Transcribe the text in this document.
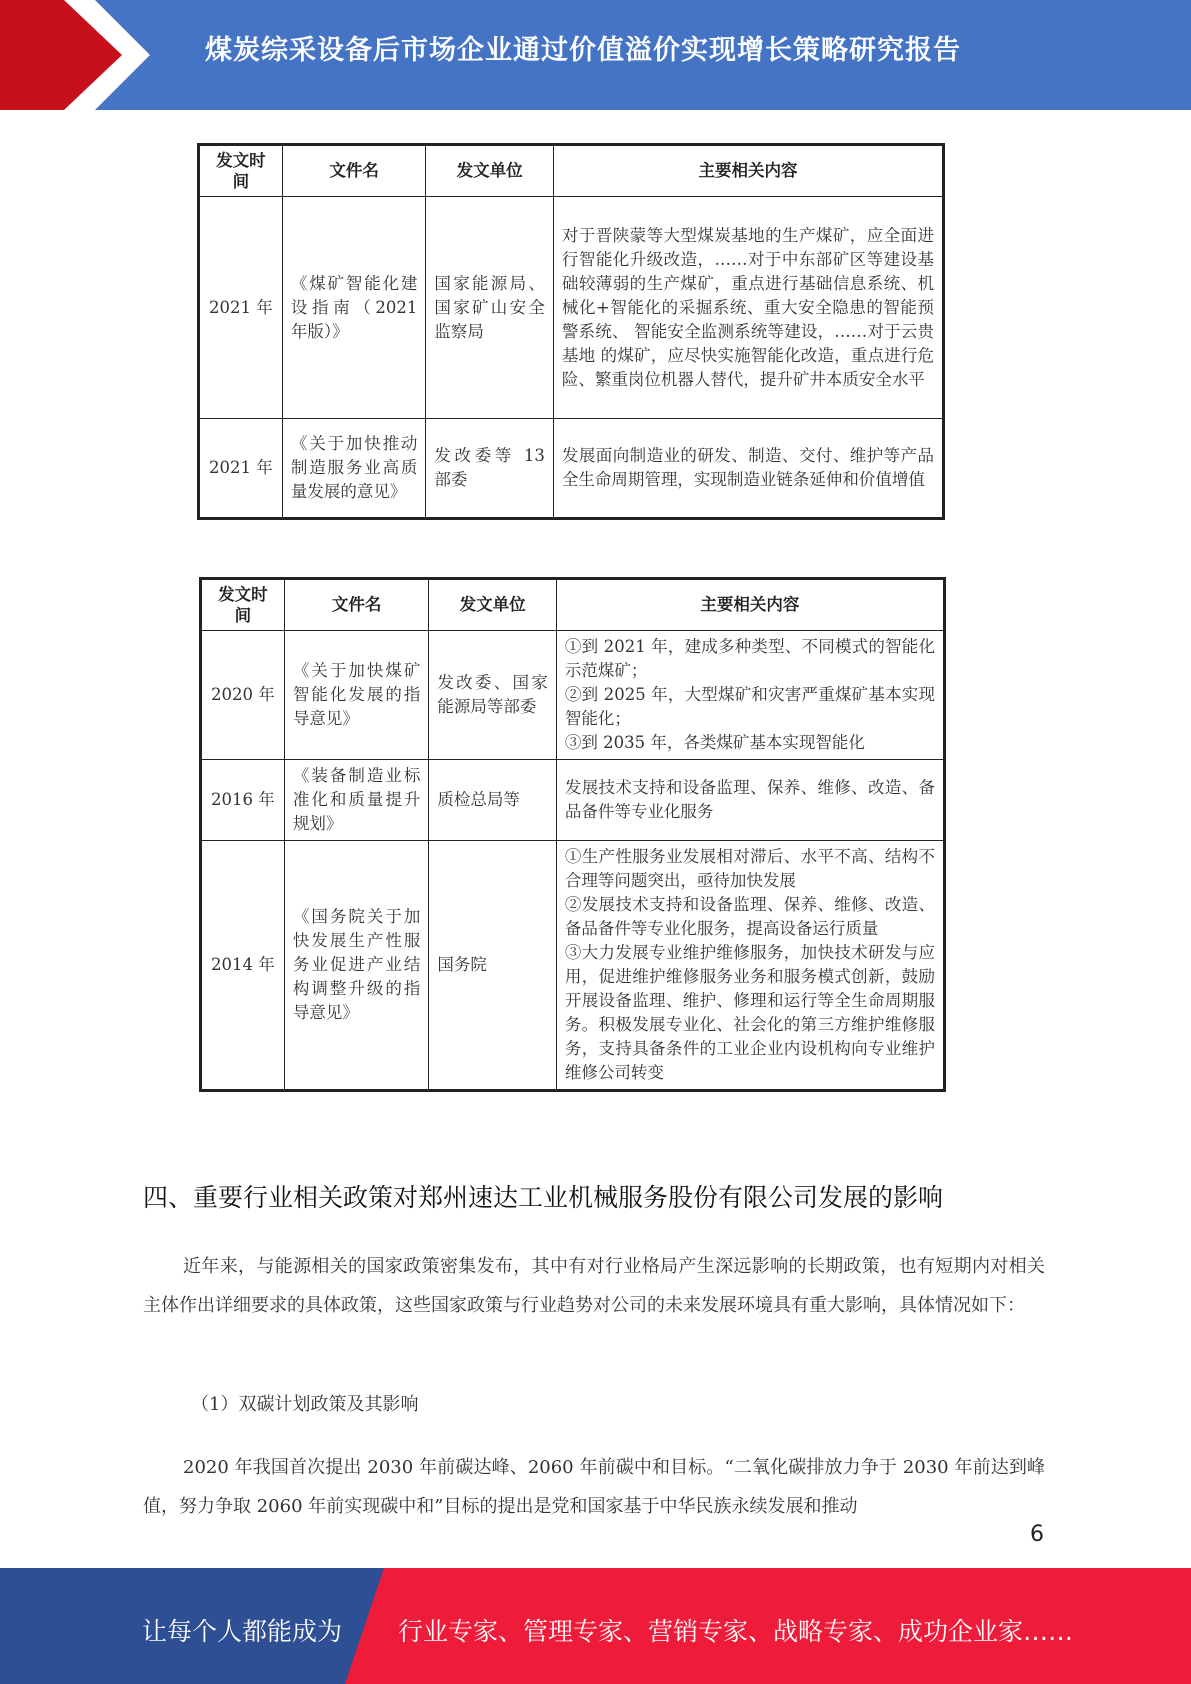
煤炭综采设备后市场企业通过价值溢价实现增长策略研究报告
发文时间	文件名	发文单位	主要相关内容
2021 年	《煤矿智能化建设指南（2021 年版）》	国家能源局、国家矿山安全监察局	对于晋陕蒙等大型煤炭基地的生产煤矿，应全面进行智能化升级改造，……对于中东部矿区等建设基础较薄弱的生产煤矿，重点进行基础信息系统、机械化+智能化的采掘系统、重大安全隐患的智能预警系统、 智能安全监测系统等建设，……对于云贵基地 的煤矿，应尽快实施智能化改造，重点进行危险、繁重岗位机器人替代，提升矿井本质安全水平
2021 年	《关于加快推动制造服务业高质量发展的意见》	发改委等 13 部委	发展面向制造业的研发、制造、交付、维护等产品全生命周期管理，实现制造业链条延伸和价值增值
发文时间	文件名	发文单位	主要相关内容
2020 年	《关于加快煤矿智能化发展的指导意见》	发改委、国家能源局等部委	①到 2021 年，建成多种类型、不同模式的智能化示范煤矿；
②到 2025 年，大型煤矿和灾害严重煤矿基本实现智能化；
③到 2035 年，各类煤矿基本实现智能化

2016 年	《装备制造业标准化和质量提升规划》	质检总局等	发展技术支持和设备监理、保养、维修、改造、备品备件等专业化服务

2014 年	《国务院关于加快发展生产性服务业促进产业结构调整升级的指导意见》	国务院	①生产性服务业发展相对滞后、水平不高、结构不合理等问题突出，亟待加快发展
②发展技术支持和设备监理、保养、维修、改造、备品备件等专业化服务，提高设备运行质量
③大力发展专业维护维修服务，加快技术研发与应用，促进维护维修服务业务和服务模式创新，鼓励开展设备监理、维护、修理和运行等全生命周期服务。积极发展专业化、社会化的第三方维护维修服务，支持具备条件的工业企业内设机构向专业维护维修公司转变
四、重要行业相关政策对郑州速达工业机械服务股份有限公司发展的影响

近年来，与能源相关的国家政策密集发布，其中有对行业格局产生深远影响的长期政策，也有短期内对相关主体作出详细要求的具体政策，这些国家政策与行业趋势对公司的未来发展环境具有重大影响，具体情况如下：

（1）双碳计划政策及其影响

2020 年我国首次提出 2030 年前碳达峰、2060 年前碳中和目标。“二氧化碳排放力争于 2030 年前达到峰值，努力争取 2060 年前实现碳中和”目标的提出是党和国家基于中华民族永续发展和推动

6
让每个人都能成为 行业专家、管理专家、营销专家、战略专家、成功企业家……
